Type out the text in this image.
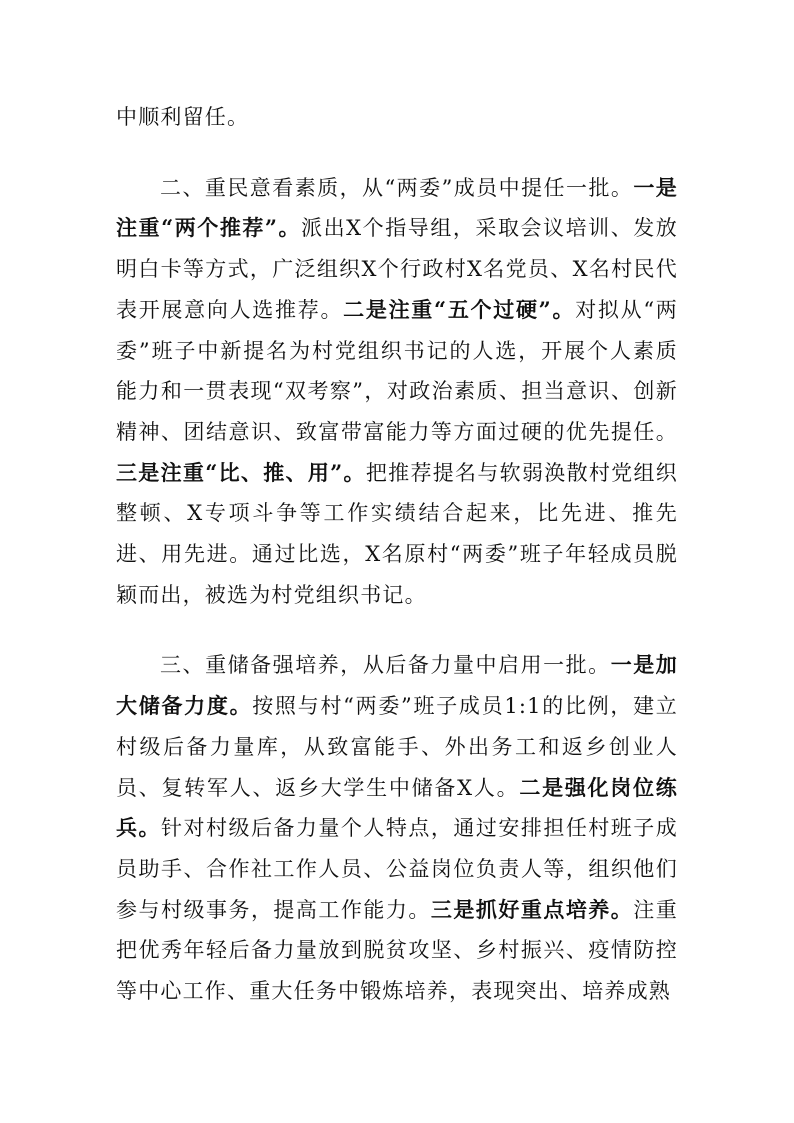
中顺利留任。

二、重民意看素质，从“两委”成员中提任一批。一是注重“两个推荐”。派出X个指导组，采取会议培训、发放明白卡等方式，广泛组织X个行政村X名党员、X名村民代表开展意向人选推荐。二是注重“五个过硬”。对拟从“两委”班子中新提名为村党组织书记的人选，开展个人素质能力和一贯表现“双考察”，对政治素质、担当意识、创新精神、团结意识、致富带富能力等方面过硬的优先提任。三是注重“比、推、用”。把推荐提名与软弱涣散村党组织整顿、X专项斗争等工作实绩结合起来，比先进、推先进、用先进。通过比选，X名原村“两委”班子年轻成员脱颖而出，被选为村党组织书记。

三、重储备强培养，从后备力量中启用一批。一是加大储备力度。按照与村“两委”班子成员1:1的比例，建立村级后备力量库，从致富能手、外出务工和返乡创业人员、复转军人、返乡大学生中储备X人。二是强化岗位练兵。针对村级后备力量个人特点，通过安排担任村班子成员助手、合作社工作人员、公益岗位负责人等，组织他们参与村级事务，提高工作能力。三是抓好重点培养。注重把优秀年轻后备力量放到脱贫攻坚、乡村振兴、疫情防控等中心工作、重大任务中锻炼培养，表现突出、培养成熟
